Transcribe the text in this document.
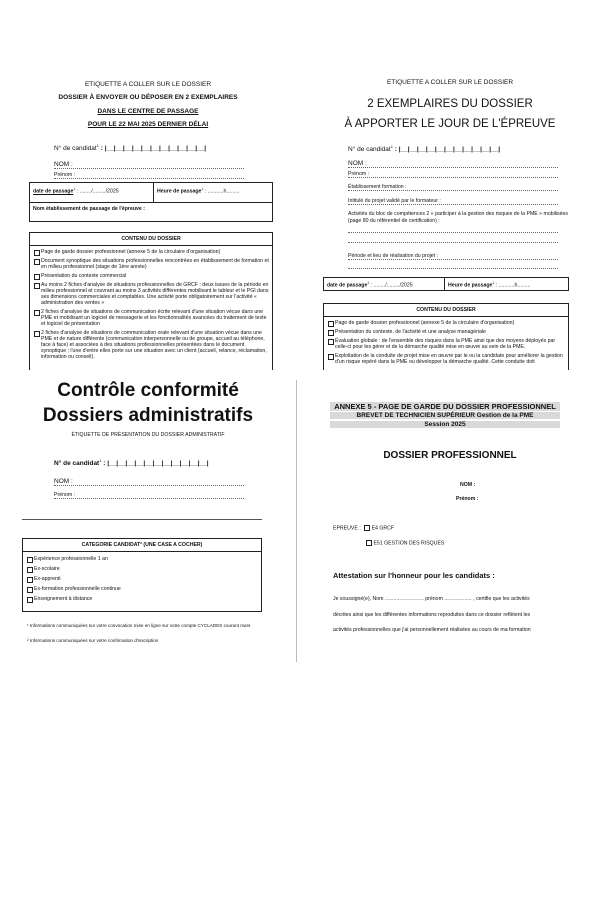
ETIQUETTE A COLLER SUR LE DOSSIER
DOSSIER À ENVOYER OU DÉPOSER EN 2 EXEMPLAIRES
DANS LE CENTRE DE PASSAGE
POUR LE 22 MAI 2025 DERNIER DÉLAI
N° de candidat$^1$ : |__|__|__|__|__|__|__|__|__|__|__|
NOM :
Prénom :
date de passage$^1$ : ......../........./2025	Heure de passage$^1$ : ...........h.........
Nom établissement de passage de l'épreuve :
CONTENU DU DOSSIER
Page de garde dossier professionnel (annexe 5 de la circulaire d'organisation)
Document synoptique des situations professionnelles rencontrées en établissement de formation et en milieu professionnel (stage de 1ère année)
Présentation du contexte commercial
Au moins 2 fiches d'analyse de situations professionnelles de GRCF : deux issues de la période en milieu professionnel et couvrant au moins 3 activités différentes mobilisant le tableur et le PGI dans ses dimensions commerciales et comptables. Une activité porte obligatoirement sur l'activité « administration des ventes »
2 fiches d'analyse de situations de communication écrite relevant d'une situation vécue dans une PME et mobilisant un logiciel de messagerie et les fonctionnalités avancées du traitement de texte et logiciel de présentation
2 fiches d'analyse de situations de communication orale relevant d'une situation vécue dans une PME et de nature différente (communication interpersonnelle ou de groupe, accueil au téléphone, face à face) et associées à des situations professionnelles présentées dans le document synoptique ; l'une d'entre elles porte sur une situation avec un client (accueil, relance, réclamation, information ou conseil).
ETIQUETTE A COLLER SUR LE DOSSIER
2 EXEMPLAIRES DU DOSSIER
À APPORTER LE JOUR DE L'ÉPREUVE
N° de candidat$^1$ : |__|__|__|__|__|__|__|__|__|__|__|
NOM :
Prénom :
Établissement formation :
Intitulé du projet validé par le formateur :
Activités du bloc de compétences 2 « participer à la gestion des risques de la PME » mobilisées (page 80 du référentiel de certification) :
Période et lieu de réalisation du projet :
date de passage$^1$ : ......../........./2025	Heure de passage$^1$ : ...........h.........
CONTENU DU DOSSIER
Page de garde dossier professionnel (annexe 5 de la circulaire d'organisation)
Présentation du contexte, de l'activité et une analyse managériale
Évaluation globale : de l'ensemble des risques dans la PME ainsi que des moyens déployés par celle-ci pour les gérer et de la démarche qualité mise en œuvre au sein de la PME.
Exploitation de la conduite de projet mise en œuvre par le ou la candidate pour améliorer la gestion d'un risque repéré dans la PME ou développer la démarche qualité. Cette conduite doit
Contrôle conformité
Dossiers administratifs
ÉTIQUETTE DE PRÉSENTATION DU DOSSIER ADMINISTRATIF
N° de candidat$^1$ : |__|__|__|__|__|__|__|__|__|__|__|
NOM :
Prénom :
CATEGORIE CANDIDAT² (UNE CASE A COCHER)
Expérience professionnelle 1 an
Ex-scolaire
Ex-apprenti
Ex-formation professionnelle continue
Enseignement à distance
¹ Informations communiquées sur votre convocation mise en ligne sur votre compte CYCLADES courant mars
² Informations communiquées sur votre confirmation d'inscription
ANNEXE 5 - PAGE DE GARDE DU DOSSIER PROFESSIONNEL
BREVET DE TECHNICIEN SUPÉRIEUR Gestion de la PME
Session 2025
DOSSIER PROFESSIONNEL
NOM :
Prénom :
EPREUVE : E4 GRCF
E51 GESTION DES RISQUES
Attestation sur l'honneur pour les candidats :
Je soussigné(e), Nom ........................... prénom ................... , certifie que les activités
décrites ainsi que les différentes informations reproduites dans ce dossier reflètent les
activités professionnelles que j'ai personnellement réalisées au cours de ma formation
